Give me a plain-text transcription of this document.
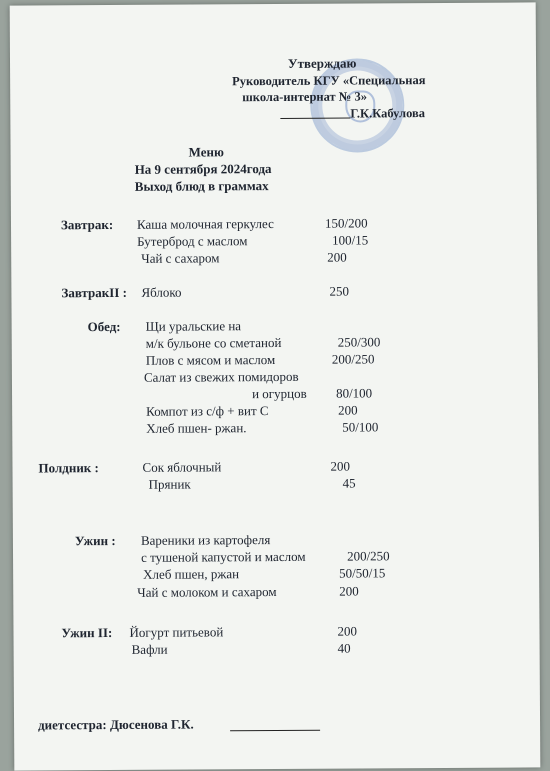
Утверждаю
Руководитель КГУ «Специальная
школа-интернат № 3»
Г.К.Кабулова
Меню
На 9 сентября 2024года
Выход блюд в граммах
Завтрак: Каша молочная геркулес	150/200
Бутерброд с маслом	100/15
Чай с сахаром	200
ЗавтракII : Яблоко	250
Обед: Щи уральские на
м/к бульоне со сметаной	250/300
Плов с мясом и маслом	200/250
Салат из свежих помидоров
и огурцов 80/100
Компот из с/ф + вит С	200
Хлеб пшен- ржан.	50/100
Полдник :	Сок яблочный	200
Пряник	45
Ужин : Вареники из картофеля
с тушеной капустой и маслом	200/250
Хлеб пшен, ржан	50/50/15
Чай с молоком и сахаром	200
Ужин II: Йогурт питьевой	200
Вафли	40
диетсестра: Дюсенова Г.К.
